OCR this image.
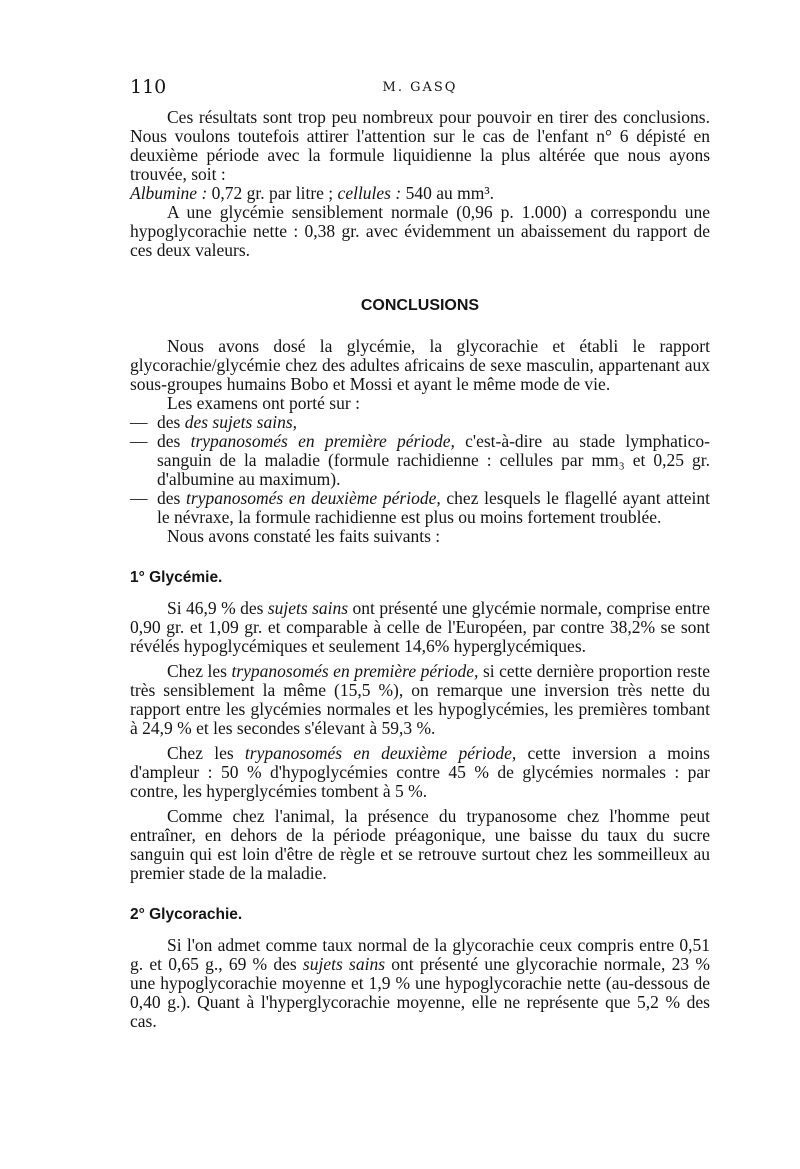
110	M. GASQ

Ces résultats sont trop peu nombreux pour pouvoir en tirer des conclusions. Nous voulons toutefois attirer l'attention sur le cas de l'enfant n° 6 dépisté en deuxième période avec la formule liquidienne la plus altérée que nous ayons trouvée, soit :

Albumine : 0,72 gr. par litre ; cellules : 540 au mm³.

A une glycémie sensiblement normale (0,96 p. 1.000) a correspondu une hypoglycorachie nette : 0,38 gr. avec évidemment un abaissement du rapport de ces deux valeurs.

CONCLUSIONS

Nous avons dosé la glycémie, la glycorachie et établi le rapport glycorachie/glycémie chez des adultes africains de sexe masculin, appartenant aux sous-groupes humains Bobo et Mossi et ayant le même mode de vie.

Les examens ont porté sur :

— des des sujets sains,

— des trypanosomés en première période, c'est-à-dire au stade lymphatico-sanguin de la maladie (formule rachidienne : cellules par mm₃ et 0,25 gr. d'albumine au maximum).

— des trypanosomés en deuxième période, chez lesquels le flagellé ayant atteint le névraxe, la formule rachidienne est plus ou moins fortement troublée.

Nous avons constaté les faits suivants :

1° Glycémie.

Si 46,9 % des sujets sains ont présenté une glycémie normale, comprise entre 0,90 gr. et 1,09 gr. et comparable à celle de l'Européen, par contre 38,2% se sont révélés hypoglycémiques et seulement 14,6% hyperglycémiques.

Chez les trypanosomés en première période, si cette dernière proportion reste très sensiblement la même (15,5 %), on remarque une inversion très nette du rapport entre les glycémies normales et les hypoglycémies, les premières tombant à 24,9 % et les secondes s'élevant à 59,3 %.

Chez les trypanosomés en deuxième période, cette inversion a moins d'ampleur : 50 % d'hypoglycémies contre 45 % de glycémies normales : par contre, les hyperglycémies tombent à 5 %.

Comme chez l'animal, la présence du trypanosome chez l'homme peut entraîner, en dehors de la période préagonique, une baisse du taux du sucre sanguin qui est loin d'être de règle et se retrouve surtout chez les sommeilleux au premier stade de la maladie.

2° Glycorachie.

Si l'on admet comme taux normal de la glycorachie ceux compris entre 0,51 g. et 0,65 g., 69 % des sujets sains ont présenté une glycorachie normale, 23 % une hypoglycorachie moyenne et 1,9 % une hypoglycorachie nette (au-dessous de 0,40 g.). Quant à l'hyperglycorachie moyenne, elle ne représente que 5,2 % des cas.
